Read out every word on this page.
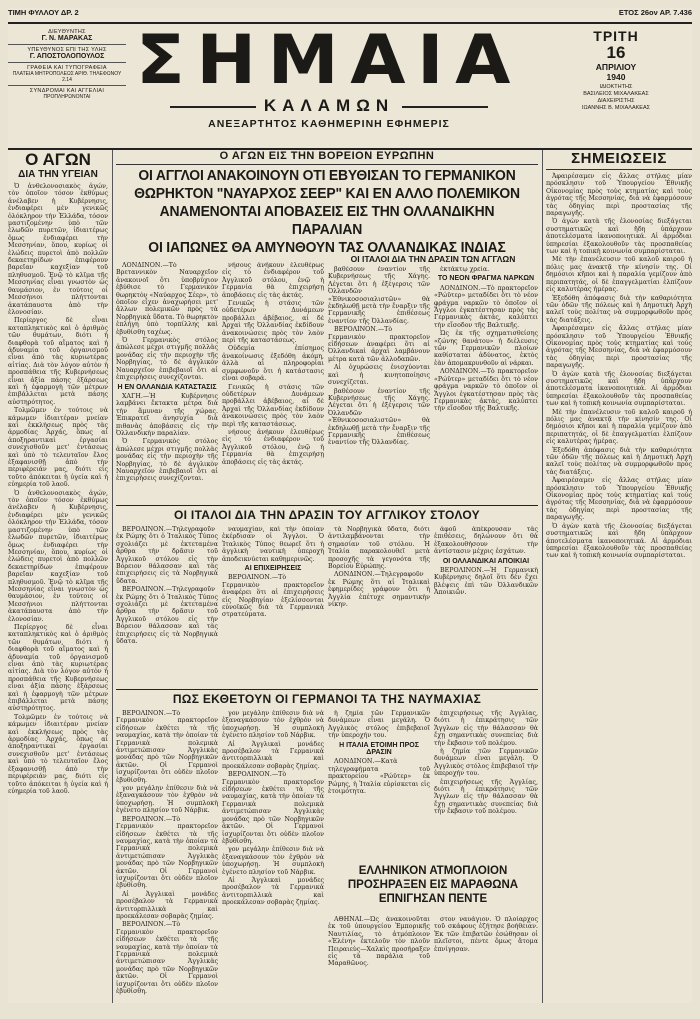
ΤΙΜΗ ΦΥΛΛΟΥ ΔΡ. 2	ΕΤΟΣ 26ον ΑΡ. 7.436
ΔΙΕΥΘΥΝΤΗΣ
Γ. Ν. ΜΑΡΑΚΑΣ
ΥΠΕΥΘΥΝΟΣ ΕΠΙ ΤΗΣ ΥΛΗΣ
Γ. ΑΠΟΣΤΟΛΟΠΟΥΛΟΣ
ΓΡΑΦΕΙΑ ΚΑΙ ΤΥΠΟΓΡΑΦΕΙΑ
ΠΛΑΤΕΙΑ ΜΗΤΡΟΠΟΛΕΩΣ ΑΡΙΘ. ΤΗΛΕΦΩΝΟΥ 2.14
ΣΥΝΔΡΟΜΑΙ ΚΑΙ ΑΓΓΕΛΙΑΙ
ΠΡΟΠΛΗΡΩΝΟΝΤΑΙ ΣΗΜΑΙΑ
ΚΑΛΑΜΩΝ
ΑΝΕΞΑΡΤΗΤΟΣ ΚΑΘΗΜΕΡΙΝΗ ΕΦΗΜΕΡΙΣ
ΤΡΙΤΗ
16
ΑΠΡΙΛΙΟΥ
1940
ΙΔΙΟΚΤΗΤΗΣ
ΒΑΣΙΛΕΙΟΣ ΜΙΧΑΛΑΚΕΑΣ
ΔΙΑΧΕΙΡΙΣΤΗΣ
ΙΩΑΝΝΗΣ Β. ΜΙΧΑΛΑΚΕΑΣ
Ο ΑΓΩΝ
ΔΙΑ ΤΗΝ ΥΓΕΙΑΝ

Ὁ ἀνθελονοσιακὸς ἀγών, τὸν ὁποῖον τόσον ἐκθύμως ἀνέλαβεν ἡ Κυβέρνησις, ἐνδιαφέρει μὲν γενικῶς ὁλόκληρον τὴν Ἑλλάδα, τόσον μαστιζομένην ὑπὸ τῶν ἑλωδῶν πυρετῶν, ἰδιαιτέρως ὅμως ἐνδιαφέρει τὴν Μεσσηνίαν, ὅπου, κυρίως οἱ ἑλώδεις πυρετοὶ ἀπὸ πολλῶν δεκαετηρίδων ἐπιφέρουν βαρεῖαν καχεξίαν τοῦ πληθυσμοῦ. Ἐνῷ τὸ κλῖμα τῆς Μεσσηνίας εἶναι γνωστὸν ὡς θαυμάσιον, ἐν τούτοις οἱ Μεσσήνιοι πλήττονται ἀκατάπαυστα ἀπὸ τὴν ἐλονοσίαν.

Περίεργος δὲ εἶναι καταπληκτικὸς καὶ ὁ ἀριθμὸς τῶν θυμάτων, διότι ἡ διαφθορὰ τοῦ αἵματος καὶ ἡ ἀδυναμία τοῦ ὀργανισμοῦ εἶναι ἀπὸ τὰς κυριωτέρας αἰτίας. Διὰ τὸν λόγον αὐτὸν ἡ προσπάθεια τῆς Κυβερνήσεως εἶναι ἀξία πάσης ἐξάρσεως καὶ ἡ ἐφαρμογὴ τῶν μέτρων ἐπιβάλλεται μετὰ πάσης αὐστηρότητος.

Τολμῶμεν ἐν τούτοις νὰ κάμωμεν ἰδιαιτέραν μνείαν καὶ ἐκκλήσεως πρὸς τὰς ἀρμοδίας Ἀρχάς, ὅπως αἱ ἀποξηραντικαὶ ἐργασίαι συνεχισθοῦν μετ' ἐντάσεως καὶ ὑπὸ τὸ τελευταῖον ἕλος ἐξαφανισθῇ ἀπὸ τὴν περιφέρειάν μας, διότι εἰς τοῦτο ἀπόκειται ἡ ὑγεία καὶ ἡ εὐημερία τοῦ λαοῦ.

Ὁ ἀνθελονοσιακὸς ἀγών, τὸν ὁποῖον τόσον ἐκθύμως ἀνέλαβεν ἡ Κυβέρνησις, ἐνδιαφέρει μὲν γενικῶς ὁλόκληρον τὴν Ἑλλάδα, τόσον μαστιζομένην ὑπὸ τῶν ἑλωδῶν πυρετῶν, ἰδιαιτέρως ὅμως ἐνδιαφέρει τὴν Μεσσηνίαν, ὅπου, κυρίως οἱ ἑλώδεις πυρετοὶ ἀπὸ πολλῶν δεκαετηρίδων ἐπιφέρουν βαρεῖαν καχεξίαν τοῦ πληθυσμοῦ. Ἐνῷ τὸ κλῖμα τῆς Μεσσηνίας εἶναι γνωστὸν ὡς θαυμάσιον, ἐν τούτοις οἱ Μεσσήνιοι πλήττονται ἀκατάπαυστα ἀπὸ τὴν ἐλονοσίαν.

Περίεργος δὲ εἶναι καταπληκτικὸς καὶ ὁ ἀριθμὸς τῶν θυμάτων, διότι ἡ διαφθορὰ τοῦ αἵματος καὶ ἡ ἀδυναμία τοῦ ὀργανισμοῦ εἶναι ἀπὸ τὰς κυριωτέρας αἰτίας. Διὰ τὸν λόγον αὐτὸν ἡ προσπάθεια τῆς Κυβερνήσεως εἶναι ἀξία πάσης ἐξάρσεως καὶ ἡ ἐφαρμογὴ τῶν μέτρων ἐπιβάλλεται μετὰ πάσης αὐστηρότητος.

Τολμῶμεν ἐν τούτοις νὰ κάμωμεν ἰδιαιτέραν μνείαν καὶ ἐκκλήσεως πρὸς τὰς ἀρμοδίας Ἀρχάς, ὅπως αἱ ἀποξηραντικαὶ ἐργασίαι συνεχισθοῦν μετ' ἐντάσεως καὶ ὑπὸ τὸ τελευταῖον ἕλος ἐξαφανισθῇ ἀπὸ τὴν περιφέρειάν μας, διότι εἰς τοῦτο ἀπόκειται ἡ ὑγεία καὶ ἡ εὐημερία τοῦ λαοῦ.

Ο ΑΓΩΝ ΕΙΣ ΤΗΝ ΒΟΡΕΙΟΝ ΕΥΡΩΠΗΝ
ΟΙ ΑΓΓΛΟΙ ΑΝΑΚΟΙΝΟΥΝ ΟΤΙ ΕΒΥΘΙΣΑΝ ΤΟ ΓΕΡΜΑΝΙΚΟΝ
ΘΩΡΗΚΤΟΝ "ΝΑΥΑΡΧΟΣ ΣΕΕΡ" ΚΑΙ ΕΝ ΑΛΛΟ ΠΟΛΕΜΙΚΟΝ
ΑΝΑΜΕΝΟΝΤΑΙ ΑΠΟΒΑΣΕΙΣ ΕΙΣ ΤΗΝ ΟΛΛΑΝΔΙΚΗΝ ΠΑΡΑΛΙΑΝ
ΟΙ ΙΑΠΩΝΕΣ ΘΑ ΑΜΥΝΘΟΥΝ ΤΑΣ ΟΛΛΑΝΔΙΚΑΣ ΙΝΔΙΑΣ

ΛΟΝΔΙΝΟΝ.—Τὸ Βρεταννικὸν Ναυαρχεῖον ἀνακοινοῖ ὅτι ὑποβρύχιον ἐβύθισε τὸ Γερμανικὸν θωρηκτὸν «Ναύαρχος Σέερ», τὸ ὁποῖον εἶχεν ἀναχωρήσει μετ' ἄλλων πολεμικῶν πρὸς τὰ Νορβηγικὰ ὕδατα. Τὸ θωρηκτὸν ἐπλήγη ὑπὸ τορπίλλης καὶ ἐβυθίσθη ταχέως.

Ὁ Γερμανικὸς στόλος ἀπώλεσε μέχρι στιγμῆς πολλὰς μονάδας εἰς τὴν περιοχὴν τῆς Νορβηγίας, τὸ δὲ ἀγγλικὸν Ναυαρχεῖον ἐπιβεβαιοῖ ὅτι αἱ ἐπιχειρήσεις συνεχίζονται.

Η ΕΝ ΟΛΛΑΝΔΙΑ ΚΑΤΑΣΤΑΣΙΣ

ΧΑΓΗ.—Ἡ Κυβέρνησις λαμβάνει ἔκτακτα μέτρα διὰ τὴν ἄμυναν τῆς χώρας. Ἐπικρατεῖ ἀνησυχία διὰ πιθανὰς ἀποβάσεις εἰς τὴν Ὀλλανδικὴν παραλίαν.

Ὁ Γερμανικὸς στόλος ἀπώλεσε μέχρι στιγμῆς πολλὰς μονάδας εἰς τὴν περιοχὴν τῆς Νορβηγίας, τὸ δὲ ἀγγλικὸν Ναυαρχεῖον ἐπιβεβαιοῖ ὅτι αἱ ἐπιχειρήσεις συνεχίζονται.

νήσους ἀνήκουν ἐλευθέρως εἰς τὸ ἐνδιαφέρον τοῦ Ἀγγλικοῦ στόλου, ἐνῷ ἡ Γερμανία θὰ ἐπιχειρήσῃ ἀποβάσεις εἰς τὰς ἀκτάς.

Γενικῶς ἡ στάσις τῶν οὐδετέρων Δυνάμεων προβάλλει ἀβέβαιος, αἱ δὲ Ἀρχαὶ τῆς Ὀλλανδίας ἐκδίδουν ἀνακοινώσεις πρὸς τὸν λαὸν περὶ τῆς καταστάσεως.

Οὐδεμία ἐπίσημος ἀνακοίνωσις ἐξεδόθη ἀκόμη, ἀλλὰ αἱ πληροφορίαι συμφωνοῦν ὅτι ἡ κατάστασις εἶναι σοβαρά.

Γενικῶς ἡ στάσις τῶν οὐδετέρων Δυνάμεων προβάλλει ἀβέβαιος, αἱ δὲ Ἀρχαὶ τῆς Ὀλλανδίας ἐκδίδουν ἀνακοινώσεις πρὸς τὸν λαὸν περὶ τῆς καταστάσεως.

νήσους ἀνήκουν ἐλευθέρως εἰς τὸ ἐνδιαφέρον τοῦ Ἀγγλικοῦ στόλου, ἐνῷ ἡ Γερμανία θὰ ἐπιχειρήσῃ ἀποβάσεις εἰς τὰς ἀκτάς.

ΟΙ ΙΤΑΛΟΙ ΔΙΑ ΤΗΝ ΔΡΑΣΙΝ ΤΩΝ ΑΓΓΛΩΝ

βαθέσουν ἐναντίον τῆς Κυβερνήσεως τῆς Χάγης. Λέγεται ὅτι ἡ ἐξέγερσις τῶν Ὀλλανδῶν «Ἐθνικοσοσιαλιστῶν» θὰ ἐκδηλωθῇ μετὰ τὴν ἔναρξιν τῆς Γερμανικῆς ἐπιθέσεως ἐναντίον τῆς Ὀλλανδίας.

ΒΕΡΟΛΙΝΟΝ.—Τὸ Γερμανικὸν πρακτορεῖον εἰδήσεων ἀναφέρει ὅτι αἱ Ὀλλανδικαὶ ἀρχαὶ λαμβάνουν μέτρα κατὰ τῶν ἀλλοδαπῶν.

Αἱ ὀχυρώσεις ἐνισχύονται καὶ ἡ κινητοποίησις συνεχίζεται.

βαθέσουν ἐναντίον τῆς Κυβερνήσεως τῆς Χάγης. Λέγεται ὅτι ἡ ἐξέγερσις τῶν Ὀλλανδῶν «Ἐθνικοσοσιαλιστῶν» θὰ ἐκδηλωθῇ μετὰ τὴν ἔναρξιν τῆς Γερμανικῆς ἐπιθέσεως ἐναντίον τῆς Ὀλλανδίας.

ἐκτάκτῳ χρεία.

ΤΟ ΝΕΟΝ ΦΡΑΓΜΑ ΝΑΡΚΩΝ

ΛΟΝΔΙΝΟΝ.—Τὸ πρακτορεῖον «Ρώϋτερ» μεταδίδει ὅτι τὸ νέον φράγμα ναρκῶν τὸ ὁποῖον οἱ Ἄγγλοι ἐγκατέστησαν πρὸς τὰς Γερμανικὰς ἀκτάς, καλύπτει τὴν εἴσοδον τῆς Βαλτικῆς.

Ὡς ἐκ τῆς σχηματισθείσης «ζώνης θανάτου» ἡ διέλευσις τῶν Γερμανικῶν πλοίων καθίσταται ἀδύνατος, ἐκτὸς ἐὰν ἀπομακρυνθοῦν αἱ νάρκαι.

ΛΟΝΔΙΝΟΝ.—Τὸ πρακτορεῖον «Ρώϋτερ» μεταδίδει ὅτι τὸ νέον φράγμα ναρκῶν τὸ ὁποῖον οἱ Ἄγγλοι ἐγκατέστησαν πρὸς τὰς Γερμανικὰς ἀκτάς, καλύπτει τὴν εἴσοδον τῆς Βαλτικῆς.

ΟΙ ΙΤΑΛΟΙ ΔΙΑ ΤΗΝ ΔΡΑΣΙΝ ΤΟΥ ΑΓΓΛΙΚΟΥ ΣΤΟΛΟΥ

ΒΕΡΟΛΙΝΟΝ.—Τηλεγραφοῦν ἐκ Ρώμης ὅτι ὁ Ἰταλικὸς Τύπος σχολιάζει μὲ ἐκτεταμένα ἄρθρα τὴν δρᾶσιν τοῦ Ἀγγλικοῦ στόλου εἰς τὴν Βόρειον θάλασσαν καὶ τὰς ἐπιχειρήσεις εἰς τὰ Νορβηγικὰ ὕδατα.

ΒΕΡΟΛΙΝΟΝ.—Τηλεγραφοῦν ἐκ Ρώμης ὅτι ὁ Ἰταλικὸς Τύπος σχολιάζει μὲ ἐκτεταμένα ἄρθρα τὴν δρᾶσιν τοῦ Ἀγγλικοῦ στόλου εἰς τὴν Βόρειον θάλασσαν καὶ τὰς ἐπιχειρήσεις εἰς τὰ Νορβηγικὰ ὕδατα.

ναυμαχίαν, καὶ τὴν ὁποίαν ἐκέρδισαν οἱ Ἄγγλοι. Ὁ Ἰταλικὸς Τύπος θεωρεῖ ὅτι ἡ ἀγγλικὴ ναυτικὴ ὑπεροχὴ ἀποδεικνύεται καθημερινῶς.

ΑΙ ΕΠΙΧΕΙΡΗΣΕΙΣ

ΒΕΡΟΛΙΝΟΝ.—Τὸ Γερμανικὸν πρακτορεῖον ἀναφέρει ὅτι αἱ ἐπιχειρήσεις εἰς Νορβηγίαν ἐξελίσσονται εὐνοϊκῶς διὰ τὰ Γερμανικὰ στρατεύματα.

τὰ Νορβηγικὰ ὕδατα, διότι ἀντιλαμβάνονται τὴν σημασίαν τοῦ στόλου. Ἡ Ἰταλία παρακολουθεῖ μετὰ προσοχῆς τὰ γεγονότα τῆς Βορείου Εὐρώπης.

ΛΟΝΔΙΝΟΝ.—Τηλεγραφοῦν ἐκ Ρώμης ὅτι αἱ Ἰταλικαὶ ἐφημερίδες γράφουν ὅτι ἡ Ἀγγλία ἐπέτυχε σημαντικὴν νίκην.

ἀφοῦ ἀπέκρουσαν τὰς ἐπιθέσεις, δηλώνουν ὅτι θὰ ἐξακολουθήσουν τὴν ἀντίστασιν μέχρις ἐσχάτων.

ΟΙ ΟΛΛΑΝΔΙΚΑΙ ΑΠΟΙΚΙΑΙ

ΒΕΡΟΛΙΝΟΝ.—Ἡ Γερμανικὴ Κυβέρνησις δηλοῖ ὅτι δὲν ἔχει βλέψεις ἐπὶ τῶν Ὀλλανδικῶν Ἀποικιῶν.

ΠΩΣ ΕΚΘΕΤΟΥΝ ΟΙ ΓΕΡΜΑΝΟΙ ΤΑ ΤΗΣ ΝΑΥΜΑΧΙΑΣ

ΒΕΡΟΛΙΝΟΝ.—Τὸ Γερμανικὸν πρακτορεῖον εἰδήσεων ἐκθέτει τὰ τῆς ναυμαχίας, κατὰ τὴν ὁποίαν τὰ Γερμανικὰ πολεμικὰ ἀντιμετώπισαν Ἀγγλικὰς μονάδας πρὸ τῶν Νορβηγικῶν ἀκτῶν. Οἱ Γερμανοὶ ἰσχυρίζονται ὅτι οὐδὲν πλοῖον ἐβυθίσθη.

γον μεγάλην ἐπίθεσιν διὰ νὰ ἐξαναγκάσουν τὸν ἐχθρὸν νὰ ὑποχωρήσῃ. Ἡ συμπλοκὴ ἐγένετο πλησίον τοῦ Νάρβικ.

ΒΕΡΟΛΙΝΟΝ.—Τὸ Γερμανικὸν πρακτορεῖον εἰδήσεων ἐκθέτει τὰ τῆς ναυμαχίας, κατὰ τὴν ὁποίαν τὰ Γερμανικὰ πολεμικὰ ἀντιμετώπισαν Ἀγγλικὰς μονάδας πρὸ τῶν Νορβηγικῶν ἀκτῶν. Οἱ Γερμανοὶ ἰσχυρίζονται ὅτι οὐδὲν πλοῖον ἐβυθίσθη.

Αἱ Ἀγγλικαὶ μονάδες προσέβαλον τὰ Γερμανικὰ ἀντιτορπιλλικὰ καὶ προεκάλεσαν σοβαρὰς ζημίας.

ΒΕΡΟΛΙΝΟΝ.—Τὸ Γερμανικὸν πρακτορεῖον εἰδήσεων ἐκθέτει τὰ τῆς ναυμαχίας, κατὰ τὴν ὁποίαν τὰ Γερμανικὰ πολεμικὰ ἀντιμετώπισαν Ἀγγλικὰς μονάδας πρὸ τῶν Νορβηγικῶν ἀκτῶν. Οἱ Γερμανοὶ ἰσχυρίζονται ὅτι οὐδὲν πλοῖον ἐβυθίσθη.

γον μεγάλην ἐπίθεσιν διὰ νὰ ἐξαναγκάσουν τὸν ἐχθρὸν νὰ ὑποχωρήσῃ. Ἡ συμπλοκὴ ἐγένετο πλησίον τοῦ Νάρβικ.

Αἱ Ἀγγλικαὶ μονάδες προσέβαλον τὰ Γερμανικὰ ἀντιτορπιλλικὰ καὶ προεκάλεσαν σοβαρὰς ζημίας.

ΒΕΡΟΛΙΝΟΝ.—Τὸ Γερμανικὸν πρακτορεῖον εἰδήσεων ἐκθέτει τὰ τῆς ναυμαχίας, κατὰ τὴν ὁποίαν τὰ Γερμανικὰ πολεμικὰ ἀντιμετώπισαν Ἀγγλικὰς μονάδας πρὸ τῶν Νορβηγικῶν ἀκτῶν. Οἱ Γερμανοὶ ἰσχυρίζονται ὅτι οὐδὲν πλοῖον ἐβυθίσθη.

γον μεγάλην ἐπίθεσιν διὰ νὰ ἐξαναγκάσουν τὸν ἐχθρὸν νὰ ὑποχωρήσῃ. Ἡ συμπλοκὴ ἐγένετο πλησίον τοῦ Νάρβικ.

Αἱ Ἀγγλικαὶ μονάδες προσέβαλον τὰ Γερμανικὰ ἀντιτορπιλλικὰ καὶ προεκάλεσαν σοβαρὰς ζημίας.

ἡ ζημία τῶν Γερμανικῶν δυνάμεων εἶναι μεγάλη. Ὁ Ἀγγλικὸς στόλος ἐπιβεβαιοῖ τὴν ὑπεροχήν του.

Η ΙΤΑΛΙΑ ΕΤΟΙΜΗ ΠΡΟΣ ΔΡΑΣΙΝ

ΛΟΝΔΙΝΟΝ.—Κατὰ τηλεγραφήματα τοῦ πρακτορείου «Ρώϋτερ» ἐκ Ρώμης, ἡ Ἰταλία εὑρίσκεται εἰς ἑτοιμότητα.

ἐπιχειρήσεως τῆς Ἀγγλίας, διότι ἡ ἐπικράτησις τῶν Ἄγγλων εἰς τὴν θάλασσαν θὰ ἔχῃ σημαντικὰς συνεπείας διὰ τὴν ἔκβασιν τοῦ πολέμου.

ἡ ζημία τῶν Γερμανικῶν δυνάμεων εἶναι μεγάλη. Ὁ Ἀγγλικὸς στόλος ἐπιβεβαιοῖ τὴν ὑπεροχήν του.

ἐπιχειρήσεως τῆς Ἀγγλίας, διότι ἡ ἐπικράτησις τῶν Ἄγγλων εἰς τὴν θάλασσαν θὰ ἔχῃ σημαντικὰς συνεπείας διὰ τὴν ἔκβασιν τοῦ πολέμου.

ΕΛΛΗΝΙΚΟΝ ΑΤΜΟΠΛΟΙΟΝ
ΠΡΟΣΗΡΑΞΕΝ ΕΙΣ ΜΑΡΑΘΩΝΑ
ΕΠΝΙΓΗΣΑΝ ΠΕΝΤΕ

ΑΘΗΝΑΙ.—Ὡς ἀνακοινοῦται ἐκ τοῦ ὑπουργείου Ἐμπορικῆς Ναυτιλίας, τὸ ἀτμόπλοιον «Ἑλένη» ἐκτελοῦν τὸν πλοῦν Πειραιεὺς—Χαλκὶς προσήραξεν εἰς τὰ παράλια τοῦ Μαραθῶνος.

στον ναυάγιον. Ὁ πλοίαρχος τοῦ σκάφους ἐζήτησε βοήθειαν. Ἐκ τῶν ἐπιβατῶν ἐσώθησαν οἱ πλεῖστοι, πέντε ὅμως ἄτομα ἐπνίγησαν.

ΣΗΜΕΙΩΣΕΙΣ

Ἀφαιρέσαμεν εἰς ἄλλας στήλας μίαν πρόσκλησιν τοῦ Ὑπουργείου Ἐθνικῆς Οἰκονομίας πρὸς τοὺς κτηματίας καὶ τοὺς ἀγρότας τῆς Μεσσηνίας, διὰ νὰ ἐφαρμόσουν τὰς ὁδηγίας περὶ προστασίας τῆς παραγωγῆς.

Ὁ ἀγὼν κατὰ τῆς ἐλονοσίας διεξάγεται συστηματικῶς καὶ ἤδη ὑπάρχουν ἀποτελέσματα ἱκανοποιητικά. Αἱ ἀρμόδιαι ὑπηρεσίαι ἐξακολουθοῦν τὰς προσπαθείας των καὶ ἡ τοπικὴ κοινωνία συμπαρίσταται.

Μὲ τὴν ἐπανέλευσιν τοῦ καλοῦ καιροῦ ἡ πόλις μας ἀνακτᾷ τὴν κίνησίν της. Οἱ δημόσιοι κῆποι καὶ ἡ παραλία γεμίζουν ἀπὸ περιπατητάς, οἱ δὲ ἐπαγγελματίαι ἐλπίζουν εἰς καλυτέρας ἡμέρας.

Ἐξεδόθη ἀπόφασις διὰ τὴν καθαριότητα τῶν ὁδῶν τῆς πόλεως καὶ ἡ Δημοτικὴ Ἀρχὴ καλεῖ τοὺς πολίτας νὰ συμμορφωθοῦν πρὸς τὰς διατάξεις.

Ἀφαιρέσαμεν εἰς ἄλλας στήλας μίαν πρόσκλησιν τοῦ Ὑπουργείου Ἐθνικῆς Οἰκονομίας πρὸς τοὺς κτηματίας καὶ τοὺς ἀγρότας τῆς Μεσσηνίας, διὰ νὰ ἐφαρμόσουν τὰς ὁδηγίας περὶ προστασίας τῆς παραγωγῆς.

Ὁ ἀγὼν κατὰ τῆς ἐλονοσίας διεξάγεται συστηματικῶς καὶ ἤδη ὑπάρχουν ἀποτελέσματα ἱκανοποιητικά. Αἱ ἀρμόδιαι ὑπηρεσίαι ἐξακολουθοῦν τὰς προσπαθείας των καὶ ἡ τοπικὴ κοινωνία συμπαρίσταται.

Μὲ τὴν ἐπανέλευσιν τοῦ καλοῦ καιροῦ ἡ πόλις μας ἀνακτᾷ τὴν κίνησίν της. Οἱ δημόσιοι κῆποι καὶ ἡ παραλία γεμίζουν ἀπὸ περιπατητάς, οἱ δὲ ἐπαγγελματίαι ἐλπίζουν εἰς καλυτέρας ἡμέρας.

Ἐξεδόθη ἀπόφασις διὰ τὴν καθαριότητα τῶν ὁδῶν τῆς πόλεως καὶ ἡ Δημοτικὴ Ἀρχὴ καλεῖ τοὺς πολίτας νὰ συμμορφωθοῦν πρὸς τὰς διατάξεις.

Ἀφαιρέσαμεν εἰς ἄλλας στήλας μίαν πρόσκλησιν τοῦ Ὑπουργείου Ἐθνικῆς Οἰκονομίας πρὸς τοὺς κτηματίας καὶ τοὺς ἀγρότας τῆς Μεσσηνίας, διὰ νὰ ἐφαρμόσουν τὰς ὁδηγίας περὶ προστασίας τῆς παραγωγῆς.

Ὁ ἀγὼν κατὰ τῆς ἐλονοσίας διεξάγεται συστηματικῶς καὶ ἤδη ὑπάρχουν ἀποτελέσματα ἱκανοποιητικά. Αἱ ἀρμόδιαι ὑπηρεσίαι ἐξακολουθοῦν τὰς προσπαθείας των καὶ ἡ τοπικὴ κοινωνία συμπαρίσταται.
